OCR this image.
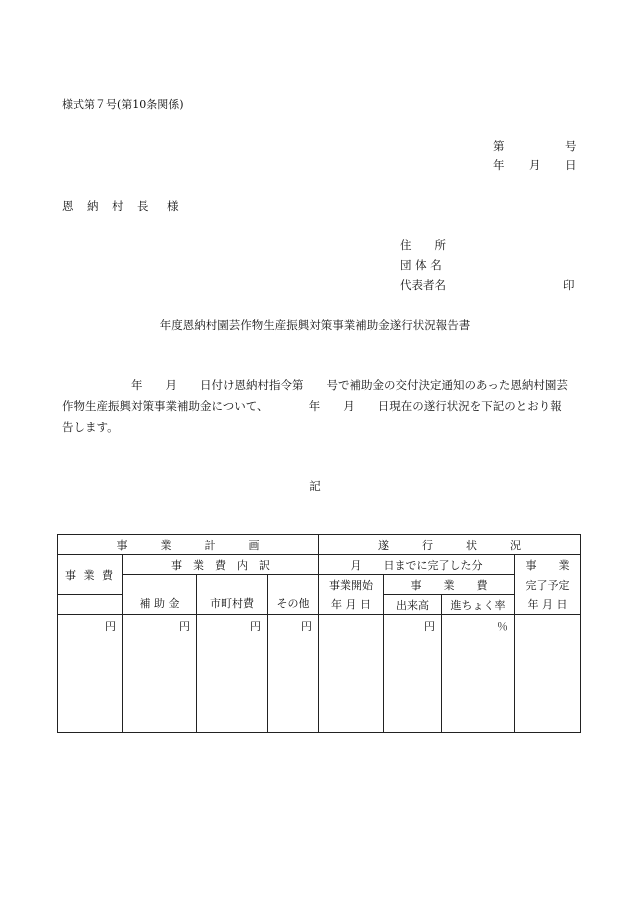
様式第７号(第10条関係)
第	号
年 月 日
恩　納　村　長 様
住　　所
団 体 名
代表者名	印
年度恩納村園芸作物生産振興対策事業補助金遂行状況報告書
　　　　　　年　　月　　日付け恩納村指令第　　号で補助金の交付決定通知のあった恩納村園芸
作物生産振興対策事業補助金について、　　　　年　　月　　日現在の遂行状況を下記のとおり報
告します。
記
事　　　業　　　計　　　画				遂　　　行　　　状　　　況			
事 業 費	事　業　費　内　訳			月　　日までに完了した分			事　　業
	補 助 金	市町村費	その他	事業開始	事　　業　　費		完了予定
				年 月 日	出来高	進ちょく率	年 月 日
円	円	円	円		円	％	
